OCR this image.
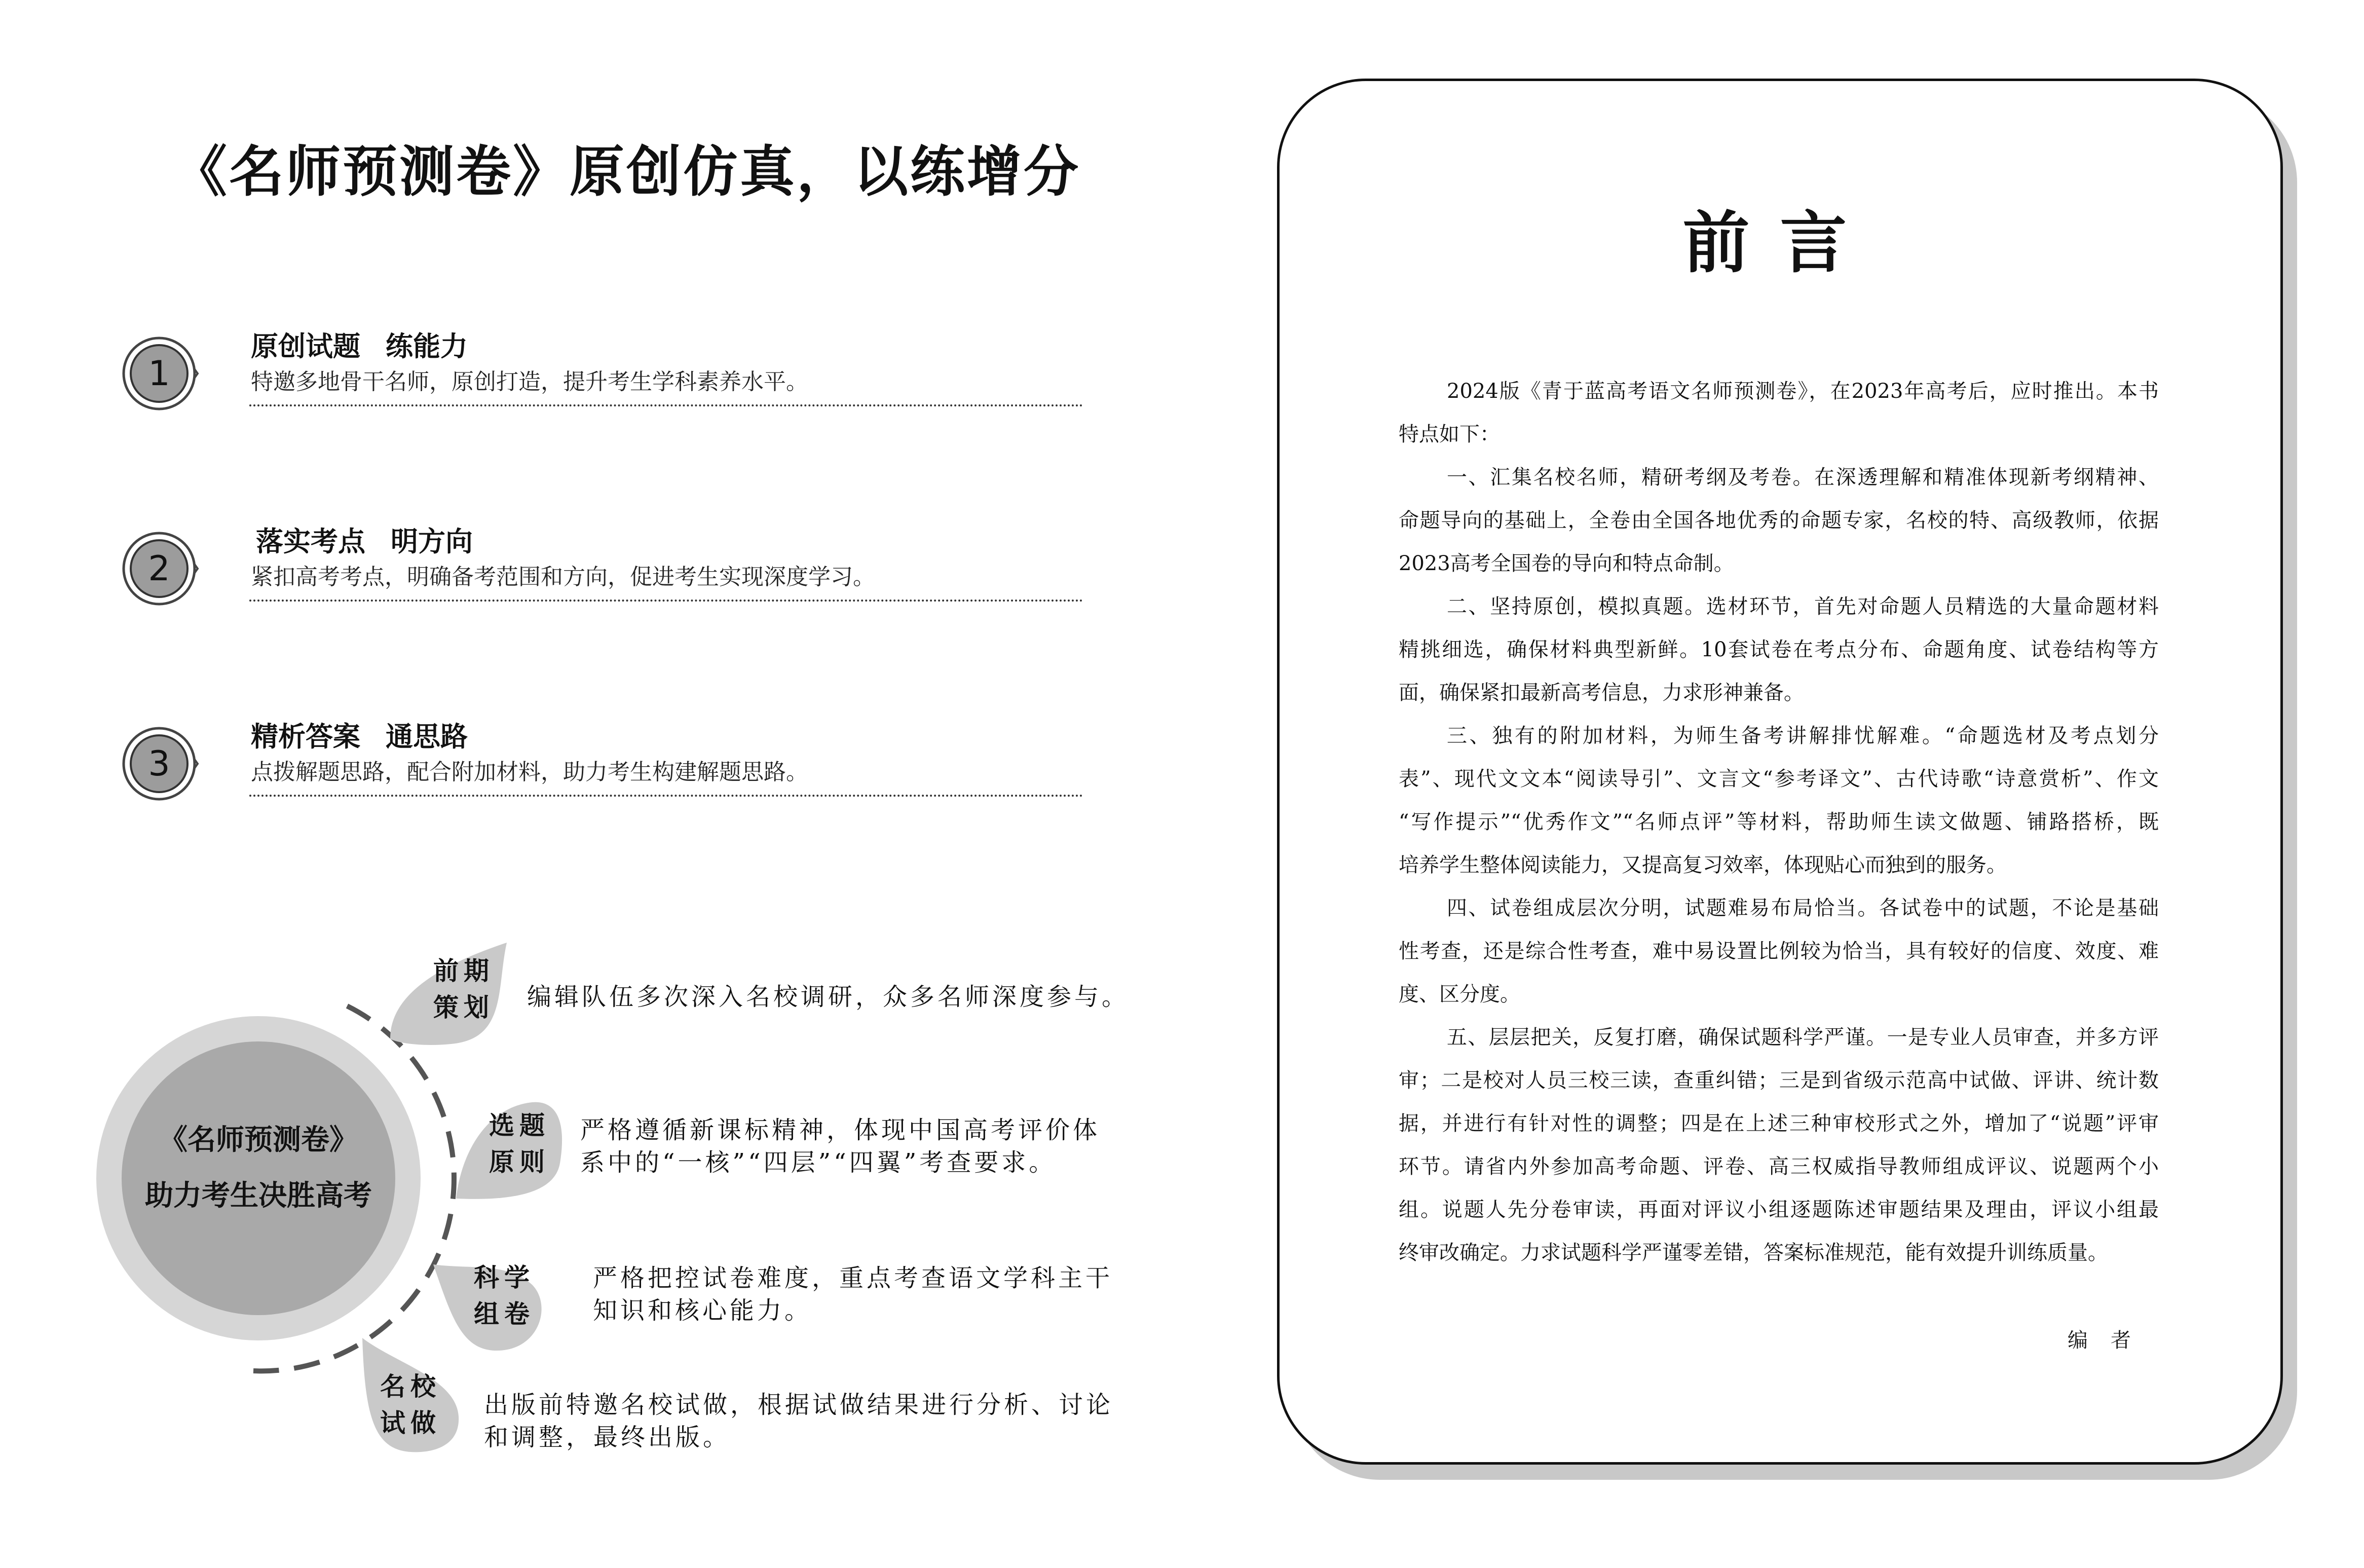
《名师预测卷》原创仿真，以练增分
1
原创试题 练能力
特邀多地骨干名师，原创打造，提升考生学科素养水平。
2
落实考点 明方向
紧扣高考考点，明确备考范围和方向，促进考生实现深度学习。
3
精析答案 通思路
点拨解题思路，配合附加材料，助力考生构建解题思路。
《名师预测卷》
助力考生决胜高考
前期
策划
选题
原则
科学
组卷
名校
试做
编辑队伍多次深入名校调研，众多名师深度参与。
严格遵循新课标精神，体现中国高考评价体
系中的“一核”“四层”“四翼”考查要求。
严格把控试卷难度，重点考查语文学科主干
知识和核心能力。
出版前特邀名校试做，根据试做结果进行分析、讨论
和调整，最终出版。
前言
2024版《青于蓝高考语文名师预测卷》，在2023年高考后，应时推出。本书
特点如下：
一、汇集名校名师，精研考纲及考卷。在深透理解和精准体现新考纲精神、
命题导向的基础上，全卷由全国各地优秀的命题专家，名校的特、高级教师，依据
2023高考全国卷的导向和特点命制。
二、坚持原创，模拟真题。选材环节，首先对命题人员精选的大量命题材料
精挑细选，确保材料典型新鲜。10套试卷在考点分布、命题角度、试卷结构等方
面，确保紧扣最新高考信息，力求形神兼备。
三、独有的附加材料，为师生备考讲解排忧解难。“命题选材及考点划分
表”、现代文文本“阅读导引”、文言文“参考译文”、古代诗歌“诗意赏析”、作文
“写作提示”“优秀作文”“名师点评”等材料，帮助师生读文做题、铺路搭桥，既
培养学生整体阅读能力，又提高复习效率，体现贴心而独到的服务。
四、试卷组成层次分明，试题难易布局恰当。各试卷中的试题，不论是基础
性考查，还是综合性考查，难中易设置比例较为恰当，具有较好的信度、效度、难
度、区分度。
五、层层把关，反复打磨，确保试题科学严谨。一是专业人员审查，并多方评
审；二是校对人员三校三读，查重纠错；三是到省级示范高中试做、评讲、统计数
据，并进行有针对性的调整；四是在上述三种审校形式之外，增加了“说题”评审
环节。请省内外参加高考命题、评卷、高三权威指导教师组成评议、说题两个小
组。说题人先分卷审读，再面对评议小组逐题陈述审题结果及理由，评议小组最
终审改确定。力求试题科学严谨零差错，答案标准规范，能有效提升训练质量。
编者
